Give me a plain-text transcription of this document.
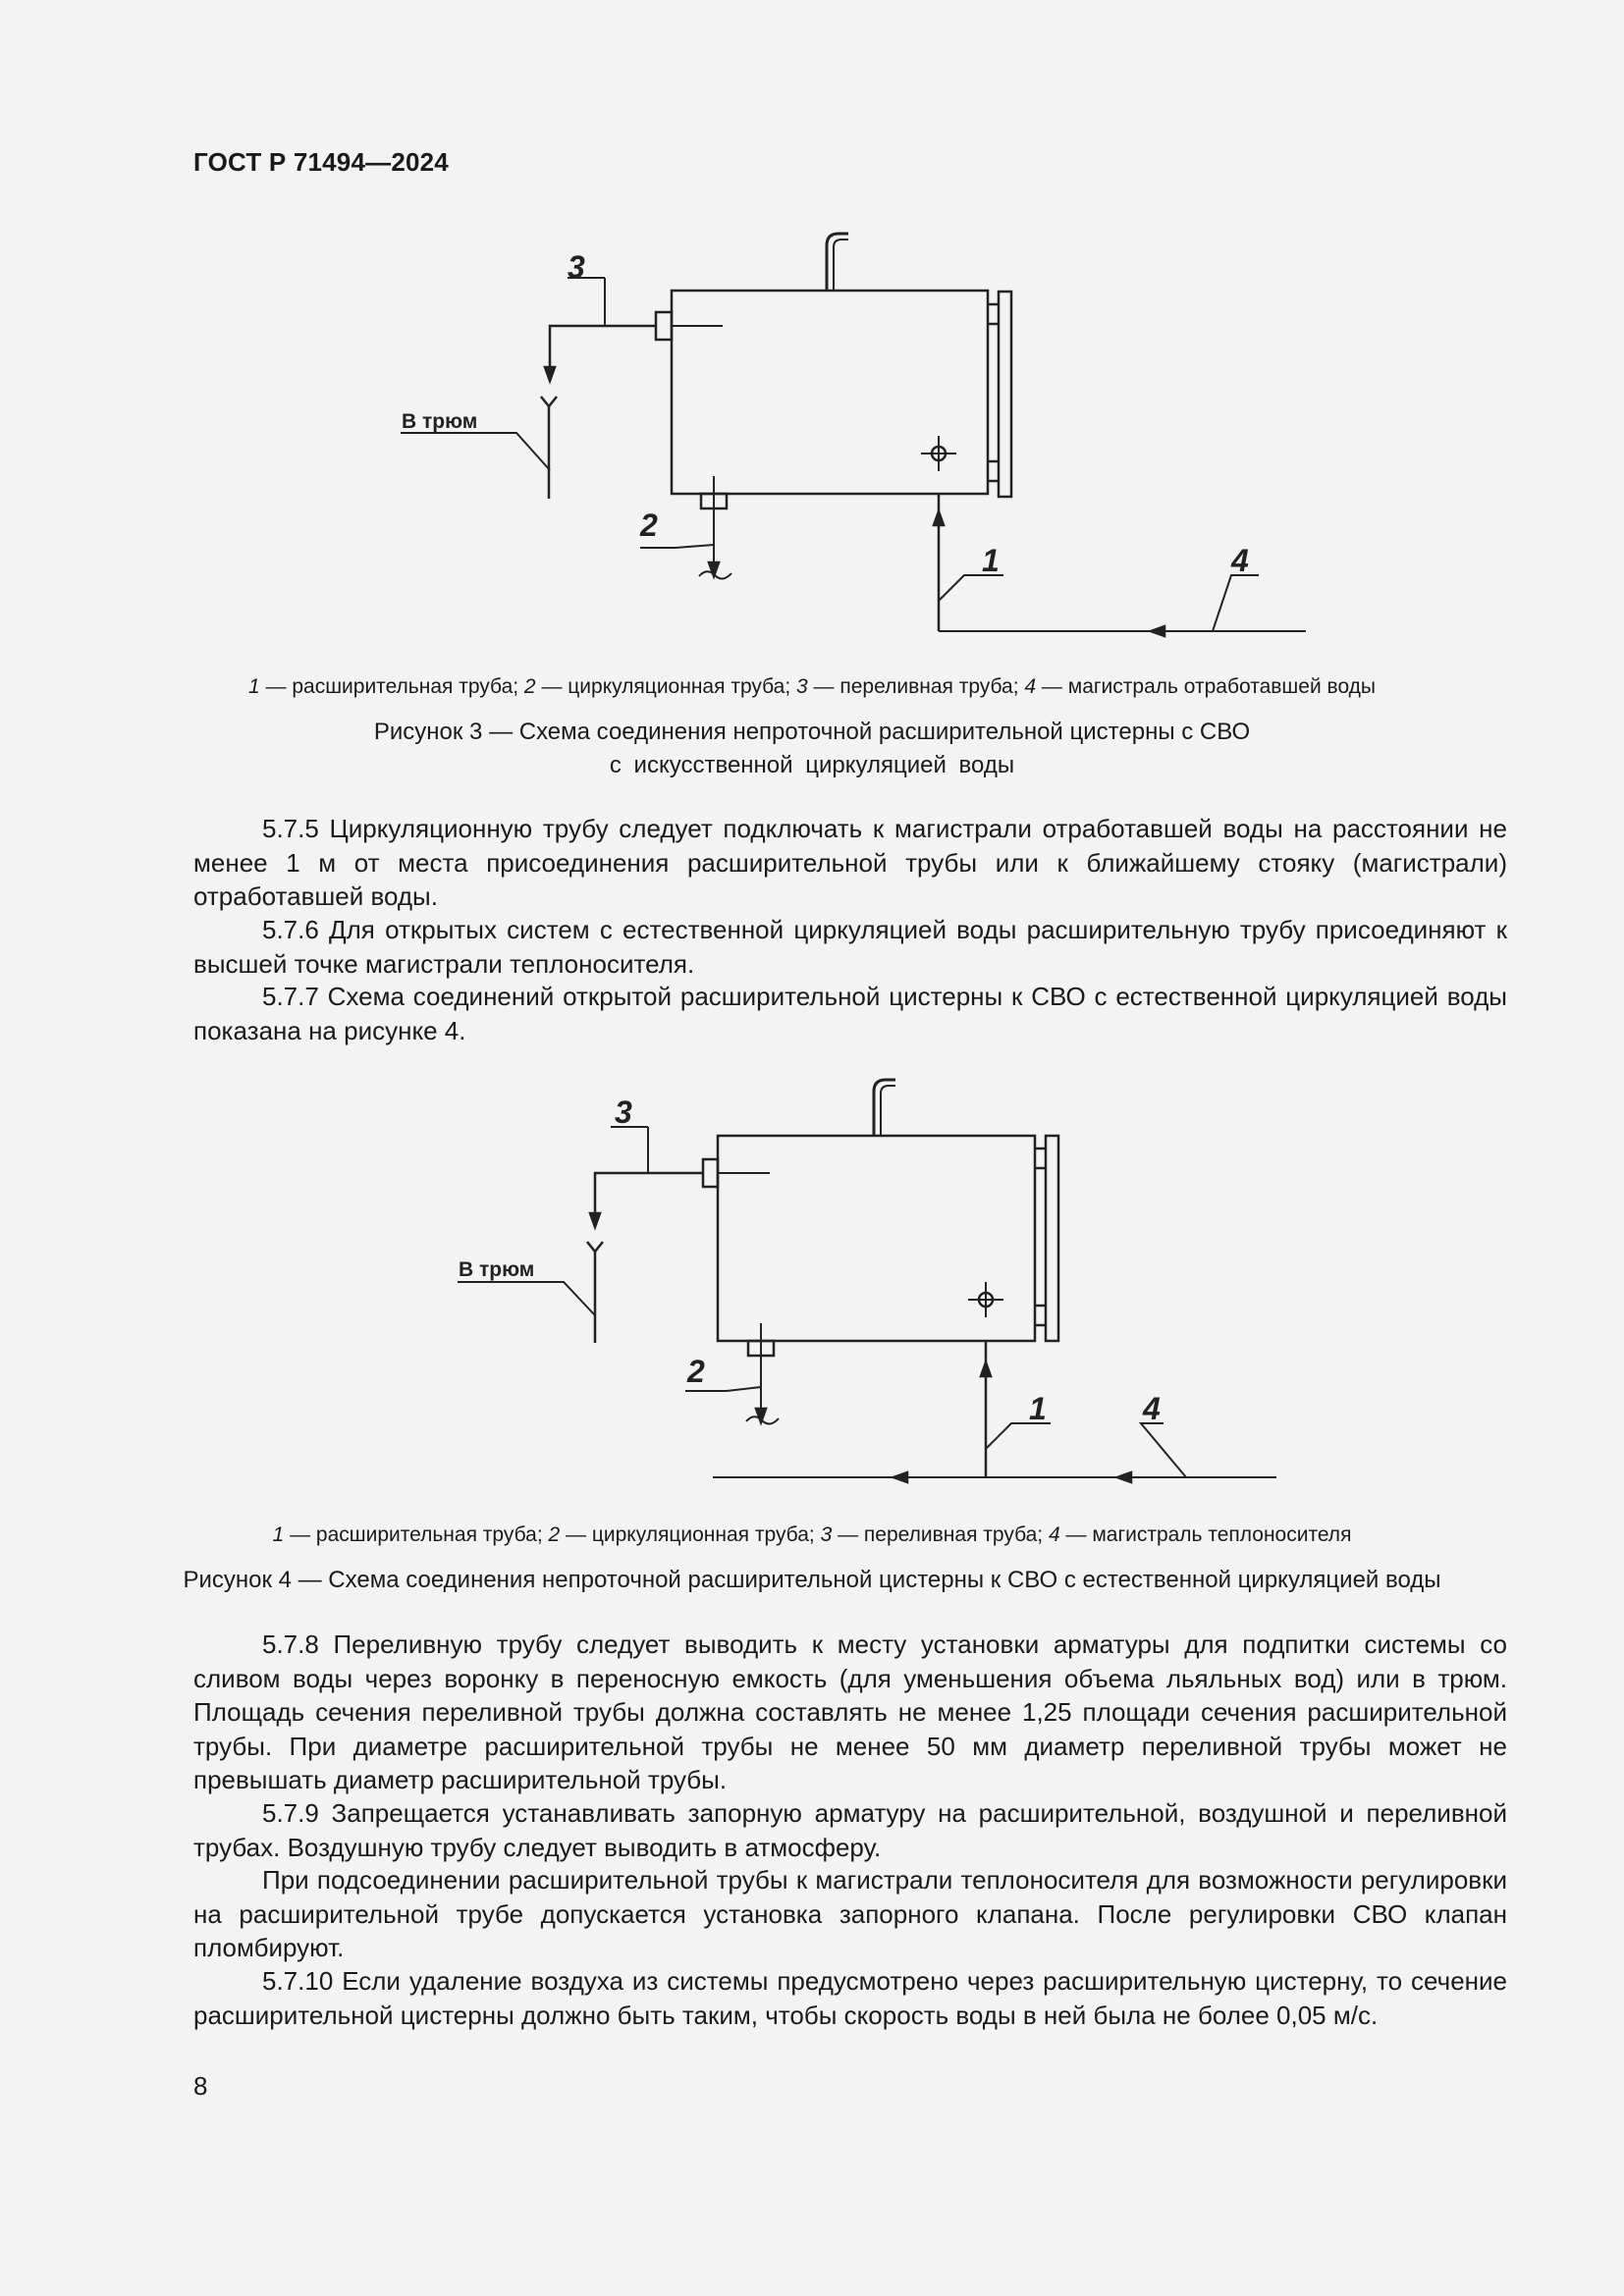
ГОСТ Р 71494—2024
3
2
1	4
В трюм
1 — расширительная труба; 2 — циркуляционная труба; 3 — переливная труба; 4 — магистраль отработавшей воды
Рисунок 3 — Схема соединения непроточной расширительной цистерны с СВО
с искусственной циркуляцией воды
5.7.5 Циркуляционную трубу следует подключать к магистрали отработавшей воды на расстоянии не менее 1 м от места присоединения расширительной трубы или к ближайшему стояку (магистрали) отработавшей воды.
5.7.6 Для открытых систем с естественной циркуляцией воды расширительную трубу присоединяют к высшей точке магистрали теплоносителя.
5.7.7 Схема соединений открытой расширительной цистерны к СВО с естественной циркуляцией воды показана на рисунке 4.
3
2
1	4
В трюм
1 — расширительная труба; 2 — циркуляционная труба; 3 — переливная труба; 4 — магистраль теплоносителя
Рисунок 4 — Схема соединения непроточной расширительной цистерны к СВО с естественной циркуляцией воды
5.7.8 Переливную трубу следует выводить к месту установки арматуры для подпитки системы со сливом воды через воронку в переносную емкость (для уменьшения объема льяльных вод) или в трюм. Площадь сечения переливной трубы должна составлять не менее 1,25 площади сечения расширительной трубы. При диаметре расширительной трубы не менее 50 мм диаметр переливной трубы может не превышать диаметр расширительной трубы.
5.7.9 Запрещается устанавливать запорную арматуру на расширительной, воздушной и переливной трубах. Воздушную трубу следует выводить в атмосферу.
При подсоединении расширительной трубы к магистрали теплоносителя для возможности регулировки на расширительной трубе допускается установка запорного клапана. После регулировки СВО клапан пломбируют.
5.7.10 Если удаление воздуха из системы предусмотрено через расширительную цистерну, то сечение расширительной цистерны должно быть таким, чтобы скорость воды в ней была не более 0,05 м/с.
8
